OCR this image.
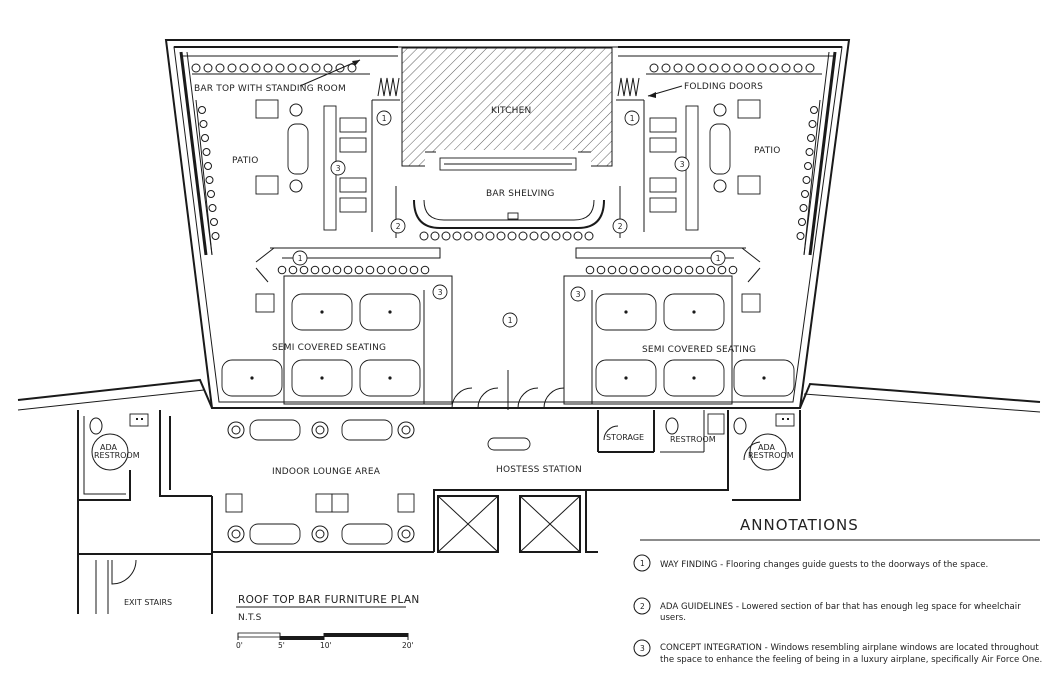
BAR TOP WITH STANDING ROOM
KITCHEN
FOLDING DOORS
PATIO
PATIO
BAR SHELVING
SEMI COVERED SEATING	SEMI COVERED SEATING
STORAGE	RESTROOM
ADA
RESTROOM
ADA
RESTROOM
INDOOR LOUNGE AREA	HOSTESS STATION
EXIT STAIRS
1	1
1	1
1
2	2
3	3
3	3
ROOF TOP BAR FURNITURE PLAN
N.T.S
0'	5'	10'	20'
ANNOTATIONS
1 WAY FINDING - Flooring changes guide guests to the doorways of the space.
2 ADA GUIDELINES - Lowered section of bar that has enough leg space for wheelchair
users.
3 CONCEPT INTEGRATION - Windows resembling airplane windows are located throughout
the space to enhance the feeling of being in a luxury airplane, specifically Air Force One.
